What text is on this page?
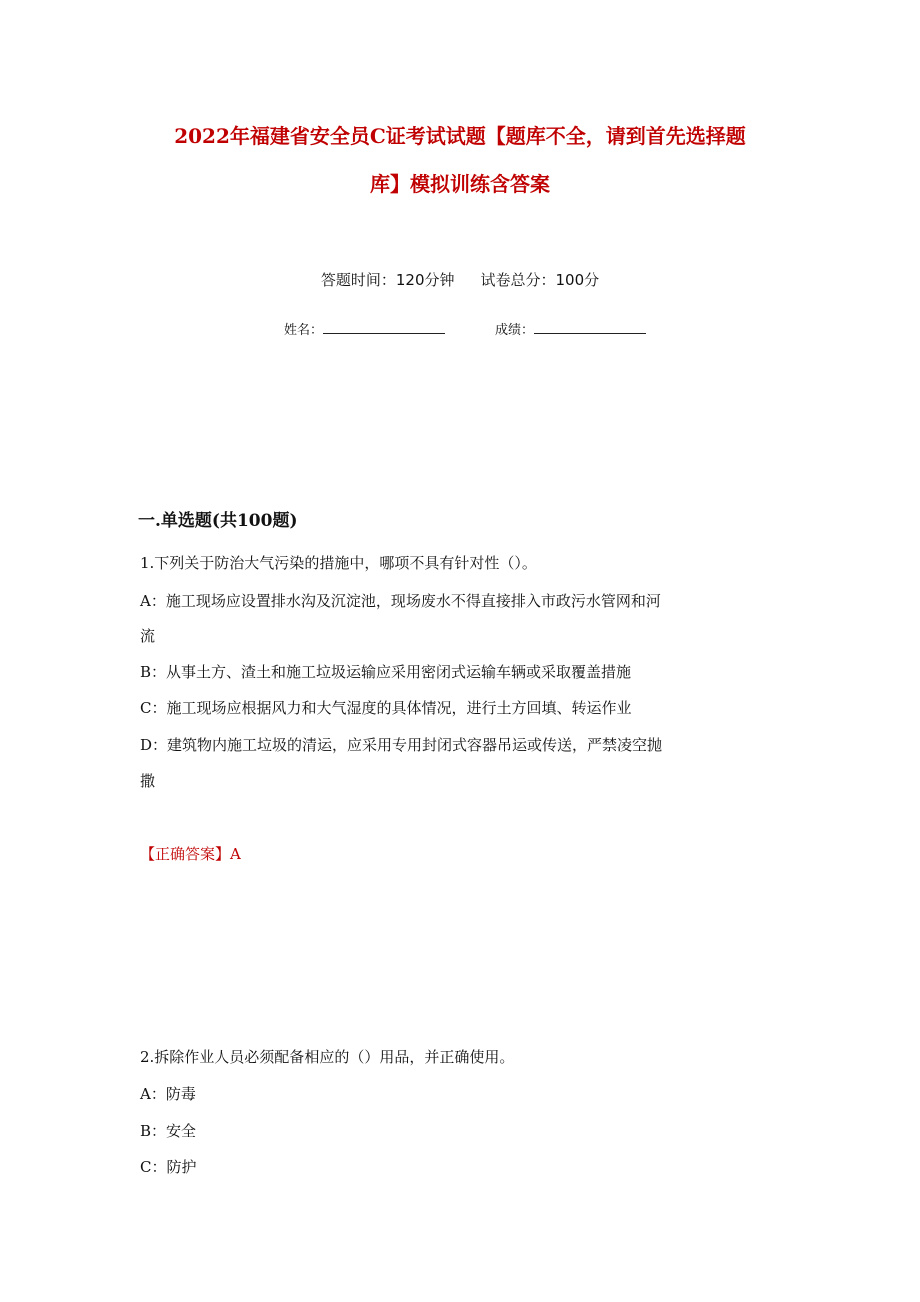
2022年福建省安全员C证考试试题【题库不全，请到首先选择题
库】模拟训练含答案
答题时间：120分钟 试卷总分：100分
姓名：	成绩：
一.单选题(共100题)
1.下列关于防治大气污染的措施中，哪项不具有针对性（）。
A：施工现场应设置排水沟及沉淀池，现场废水不得直接排入市政污水管网和河
流
B：从事土方、渣土和施工垃圾运输应采用密闭式运输车辆或采取覆盖措施
C：施工现场应根据风力和大气湿度的具体情况，进行土方回填、转运作业
D：建筑物内施工垃圾的清运，应采用专用封闭式容器吊运或传送，严禁凌空抛
撒
【正确答案】A
2.拆除作业人员必须配备相应的（）用品，并正确使用。
A：防毒
B：安全
C：防护
